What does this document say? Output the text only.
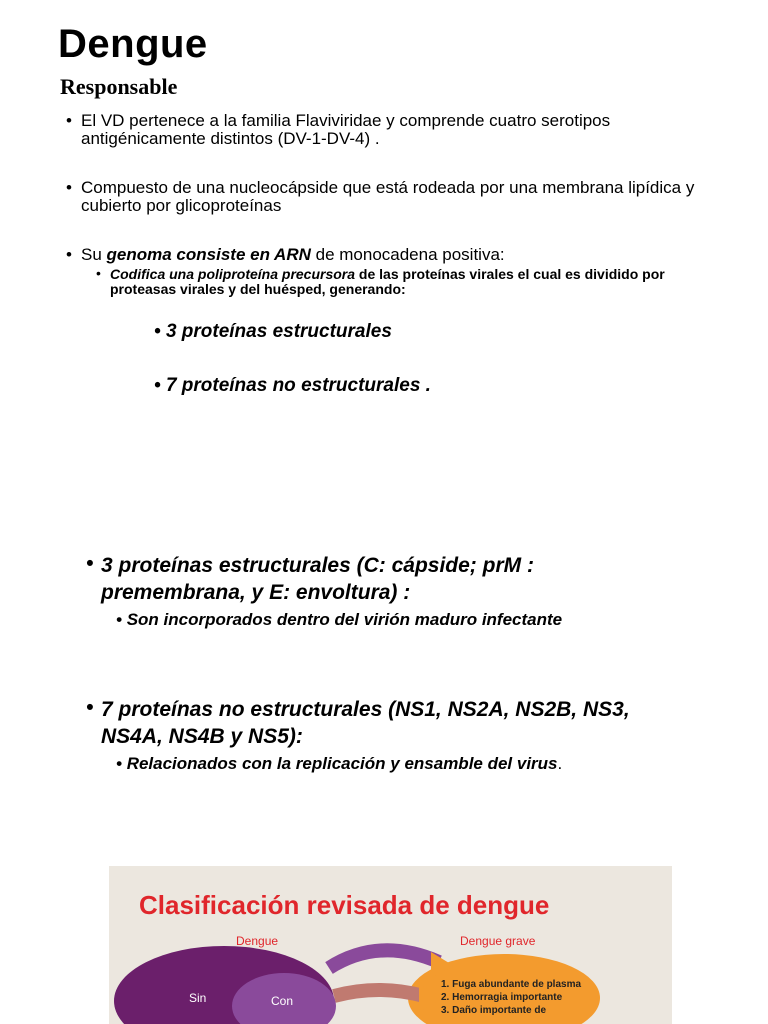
Dengue
Responsable
• El VD pertenece a la familia Flaviviridae y comprende cuatro serotipos antigénicamente distintos (DV-1-DV-4) .
• Compuesto de una nucleocápside que está rodeada por una membrana lipídica y cubierto por glicoproteínas
• Su genoma consiste en ARN de monocadena positiva:
• Codifica una poliproteína precursora de las proteínas virales el cual es dividido por proteasas virales y del huésped, generando:
• 3 proteínas estructurales
• 7 proteínas no estructurales .
• 3 proteínas estructurales (C: cápside; prM : premembrana, y E: envoltura) :
• Son incorporados dentro del virión maduro infectante
• 7 proteínas no estructurales (NS1, NS2A, NS2B, NS3, NS4A, NS4B y NS5):
• Relacionados con la replicación y ensamble del virus.
Clasificación revisada de dengue
Dengue	Dengue grave
Sin	Con
1. Fuga abundante de plasma
2. Hemorragia importante
3. Daño importante de
